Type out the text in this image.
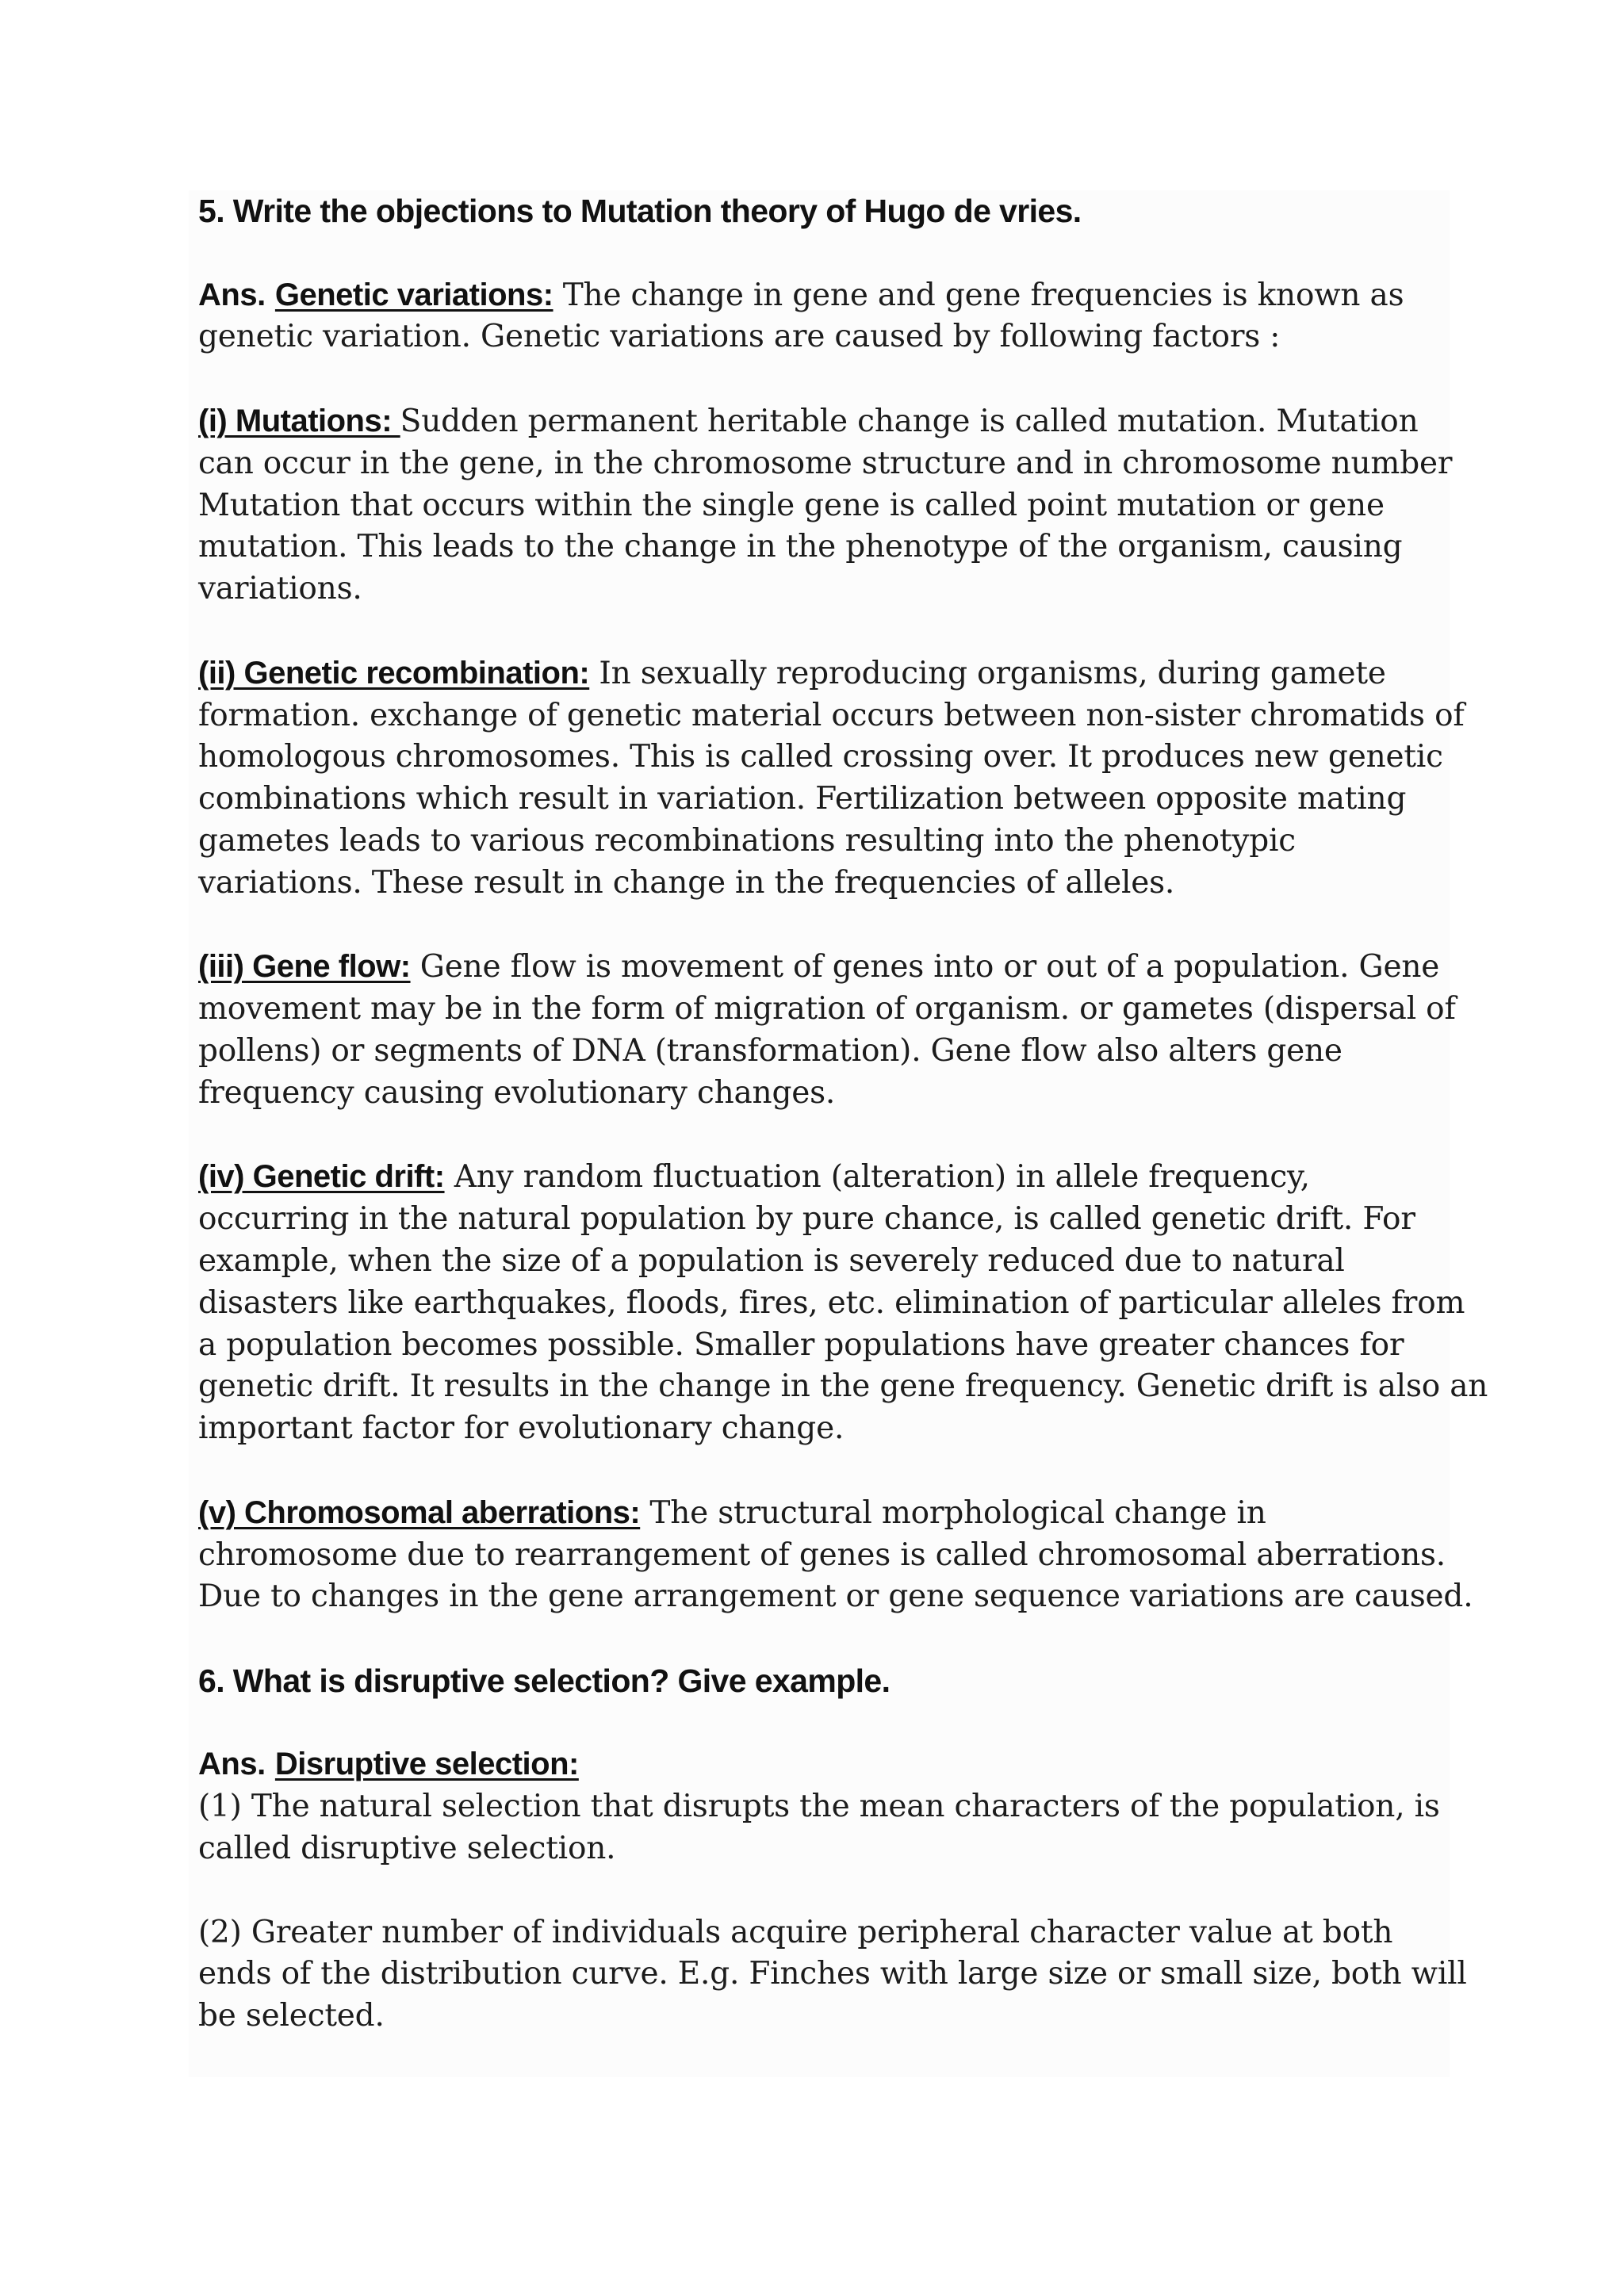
5. Write the objections to Mutation theory of Hugo de vries.

Ans. Genetic variations: The change in gene and gene frequencies is known as
genetic variation. Genetic variations are caused by following factors :

(i) Mutations: Sudden permanent heritable change is called mutation. Mutation
can occur in the gene, in the chromosome structure and in chromosome number
Mutation that occurs within the single gene is called point mutation or gene
mutation. This leads to the change in the phenotype of the organism, causing
variations.

(ii) Genetic recombination: In sexually reproducing organisms, during gamete
formation. exchange of genetic material occurs between non-sister chromatids of
homologous chromosomes. This is called crossing over. It produces new genetic
combinations which result in variation. Fertilization between opposite mating
gametes leads to various recombinations resulting into the phenotypic
variations. These result in change in the frequencies of alleles.

(iii) Gene flow: Gene flow is movement of genes into or out of a population. Gene
movement may be in the form of migration of organism. or gametes (dispersal of
pollens) or segments of DNA (transformation). Gene flow also alters gene
frequency causing evolutionary changes.

(iv) Genetic drift: Any random fluctuation (alteration) in allele frequency,
occurring in the natural population by pure chance, is called genetic drift. For
example, when the size of a population is severely reduced due to natural
disasters like earthquakes, floods, fires, etc. elimination of particular alleles from
a population becomes possible. Smaller populations have greater chances for
genetic drift. It results in the change in the gene frequency. Genetic drift is also an
important factor for evolutionary change.

(v) Chromosomal aberrations: The structural morphological change in
chromosome due to rearrangement of genes is called chromosomal aberrations.
Due to changes in the gene arrangement or gene sequence variations are caused.

6. What is disruptive selection? Give example.

Ans. Disruptive selection:
(1) The natural selection that disrupts the mean characters of the population, is
called disruptive selection.

(2) Greater number of individuals acquire peripheral character value at both
ends of the distribution curve. E.g. Finches with large size or small size, both will
be selected.
